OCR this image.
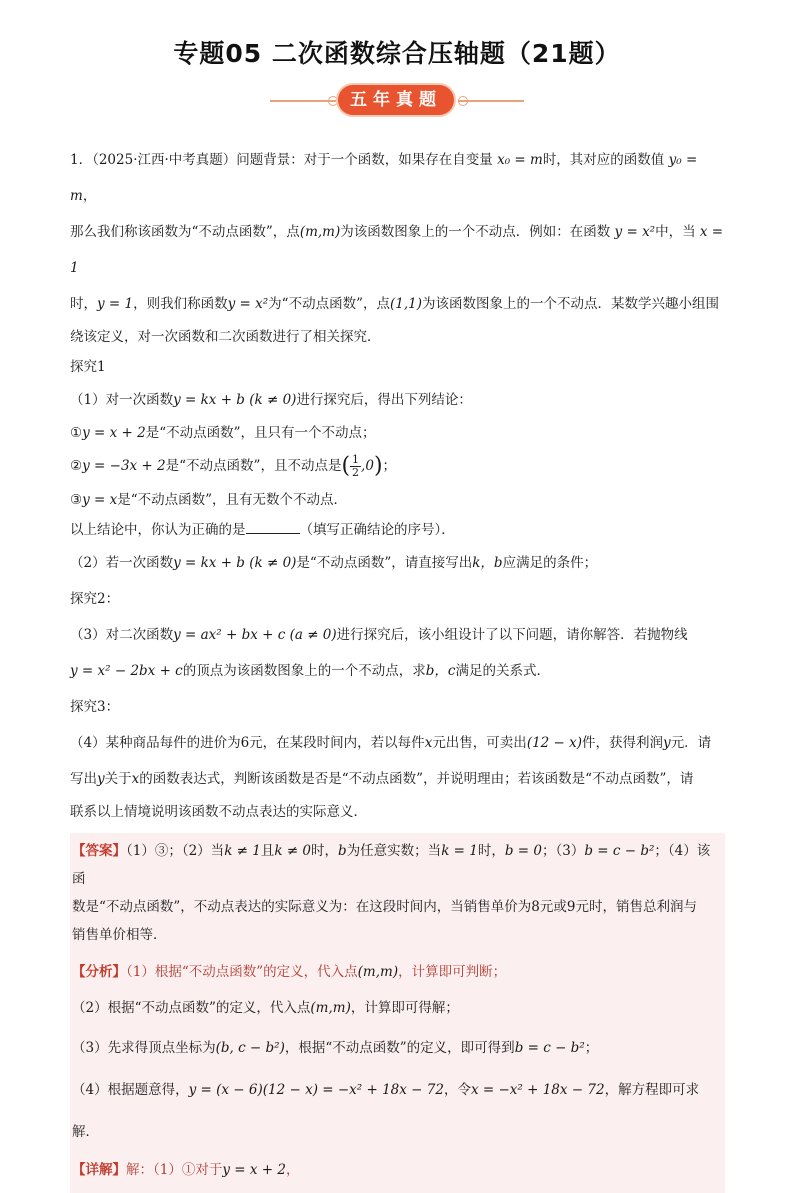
专题05 二次函数综合压轴题（21题）
五年真题

1．（2025·江西·中考真题）问题背景：对于一个函数，如果存在自变量 x₀ = m时，其对应的函数值 y₀ = m，

那么我们称该函数为“不动点函数”，点(m,m)为该函数图象上的一个不动点．例如：在函数 y = x²中，当 x = 1

时，y = 1，则我们称函数y = x²为“不动点函数”，点(1,1)为该函数图象上的一个不动点．某数学兴趣小组围

绕该定义，对一次函数和二次函数进行了相关探究．

探究1

（1）对一次函数y = kx + b (k ≠ 0)进行探究后，得出下列结论：

①y = x + 2是“不动点函数”，且只有一个不动点；

②y = −3x + 2是“不动点函数”，且不动点是( $\frac{1}{2} ,0$)；

③y = x是“不动点函数”，且有无数个不动点．

以上结论中，你认为正确的是	（填写正确结论的序号）．

（2）若一次函数y = kx + b (k ≠ 0)是“不动点函数”，请直接写出k，b应满足的条件；

探究2：

（3）对二次函数y = ax² + bx + c (a ≠ 0)进行探究后，该小组设计了以下问题，请你解答．若抛物线

y = x² − 2bx + c的顶点为该函数图象上的一个不动点，求b，c满足的关系式．

探究3：

（4）某种商品每件的进价为6元，在某段时间内，若以每件x元出售，可卖出(12 − x)件，获得利润y元．请

写出y关于x的函数表达式，判断该函数是否是“不动点函数”，并说明理由；若该函数是“不动点函数”，请

联系以上情境说明该函数不动点表达的实际意义．

【答案】（1）③；（2）当k ≠ 1且k ≠ 0时，b为任意实数；当k = 1时，b = 0；（3）b = c − b²；（4）该函

数是“不动点函数”，不动点表达的实际意义为：在这段时间内，当销售单价为8元或9元时，销售总利润与

销售单价相等．

【分析】（1）根据“不动点函数”的定义，代入点(m,m)，计算即可判断；

（2）根据“不动点函数”的定义，代入点(m,m)，计算即可得解；

（3）先求得顶点坐标为(b, c − b²)，根据“不动点函数”的定义，即可得到b = c − b²；

（4）根据题意得，y = (x − 6)(12 − x) = −x² + 18x − 72，令x = −x² + 18x − 72，解方程即可求解．

【详解】解：（1）①对于y = x + 2，
